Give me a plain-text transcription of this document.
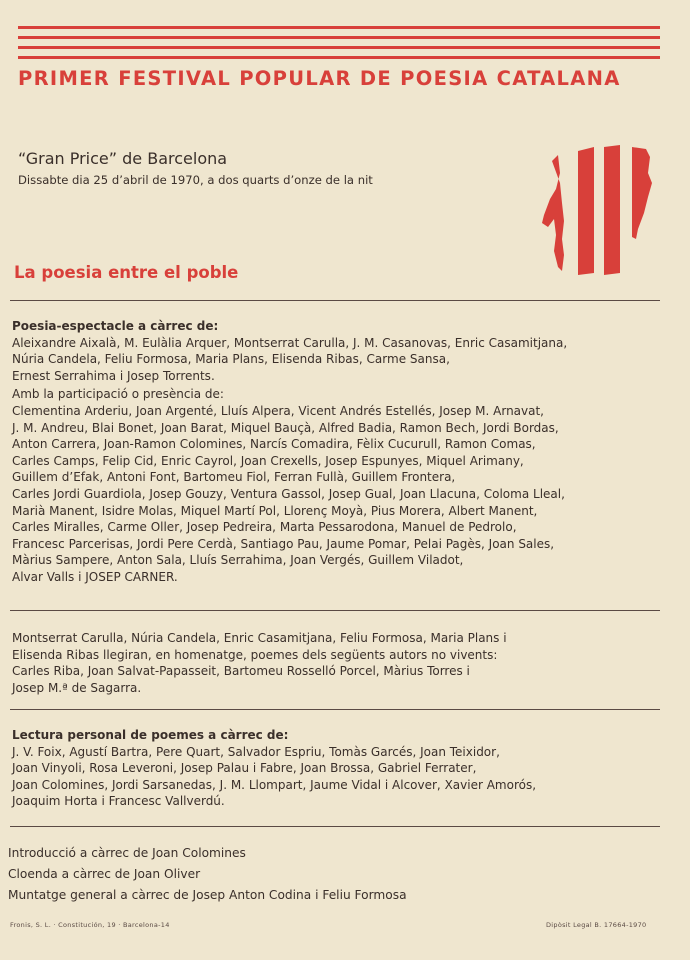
PRIMER FESTIVAL POPULAR DE POESIA CATALANA
“Gran Price” de Barcelona
Dissabte dia 25 d’abril de 1970, a dos quarts d’onze de la nit
La poesia entre el poble
Poesia-espectacle a càrrec de:
Aleixandre Aixalà, M. Eulàlia Arquer, Montserrat Carulla, J. M. Casanovas, Enric Casamitjana,
Núria Candela, Feliu Formosa, Maria Plans, Elisenda Ribas, Carme Sansa,
Ernest Serrahima i Josep Torrents.
Amb la participació o presència de:
Clementina Arderiu, Joan Argenté, Lluís Alpera, Vicent Andrés Estellés, Josep M. Arnavat,
J. M. Andreu, Blai Bonet, Joan Barat, Miquel Bauçà, Alfred Badia, Ramon Bech, Jordi Bordas,
Anton Carrera, Joan-Ramon Colomines, Narcís Comadira, Fèlix Cucurull, Ramon Comas,
Carles Camps, Felip Cid, Enric Cayrol, Joan Crexells, Josep Espunyes, Miquel Arimany,
Guillem d’Efak, Antoni Font, Bartomeu Fiol, Ferran Fullà, Guillem Frontera,
Carles Jordi Guardiola, Josep Gouzy, Ventura Gassol, Josep Gual, Joan Llacuna, Coloma Lleal,
Marià Manent, Isidre Molas, Miquel Martí Pol, Llorenç Moyà, Pius Morera, Albert Manent,
Carles Miralles, Carme Oller, Josep Pedreira, Marta Pessarodona, Manuel de Pedrolo,
Francesc Parcerisas, Jordi Pere Cerdà, Santiago Pau, Jaume Pomar, Pelai Pagès, Joan Sales,
Màrius Sampere, Anton Sala, Lluís Serrahima, Joan Vergés, Guillem Viladot,
Alvar Valls i JOSEP CARNER.
Montserrat Carulla, Núria Candela, Enric Casamitjana, Feliu Formosa, Maria Plans i
Elisenda Ribas llegiran, en homenatge, poemes dels següents autors no vivents:
Carles Riba, Joan Salvat-Papasseit, Bartomeu Rosselló Porcel, Màrius Torres i
Josep M.ª de Sagarra.
Lectura personal de poemes a càrrec de:
J. V. Foix, Agustí Bartra, Pere Quart, Salvador Espriu, Tomàs Garcés, Joan Teixidor,
Joan Vinyoli, Rosa Leveroni, Josep Palau i Fabre, Joan Brossa, Gabriel Ferrater,
Joan Colomines, Jordi Sarsanedas, J. M. Llompart, Jaume Vidal i Alcover, Xavier Amorós,
Joaquim Horta i Francesc Vallverdú.
Introducció a càrrec de Joan Colomines
Cloenda a càrrec de Joan Oliver
Muntatge general a càrrec de Josep Anton Codina i Feliu Formosa
Fronis, S. L. · Constitución, 19 · Barcelona-14	Dipòsit Legal B. 17664-1970
